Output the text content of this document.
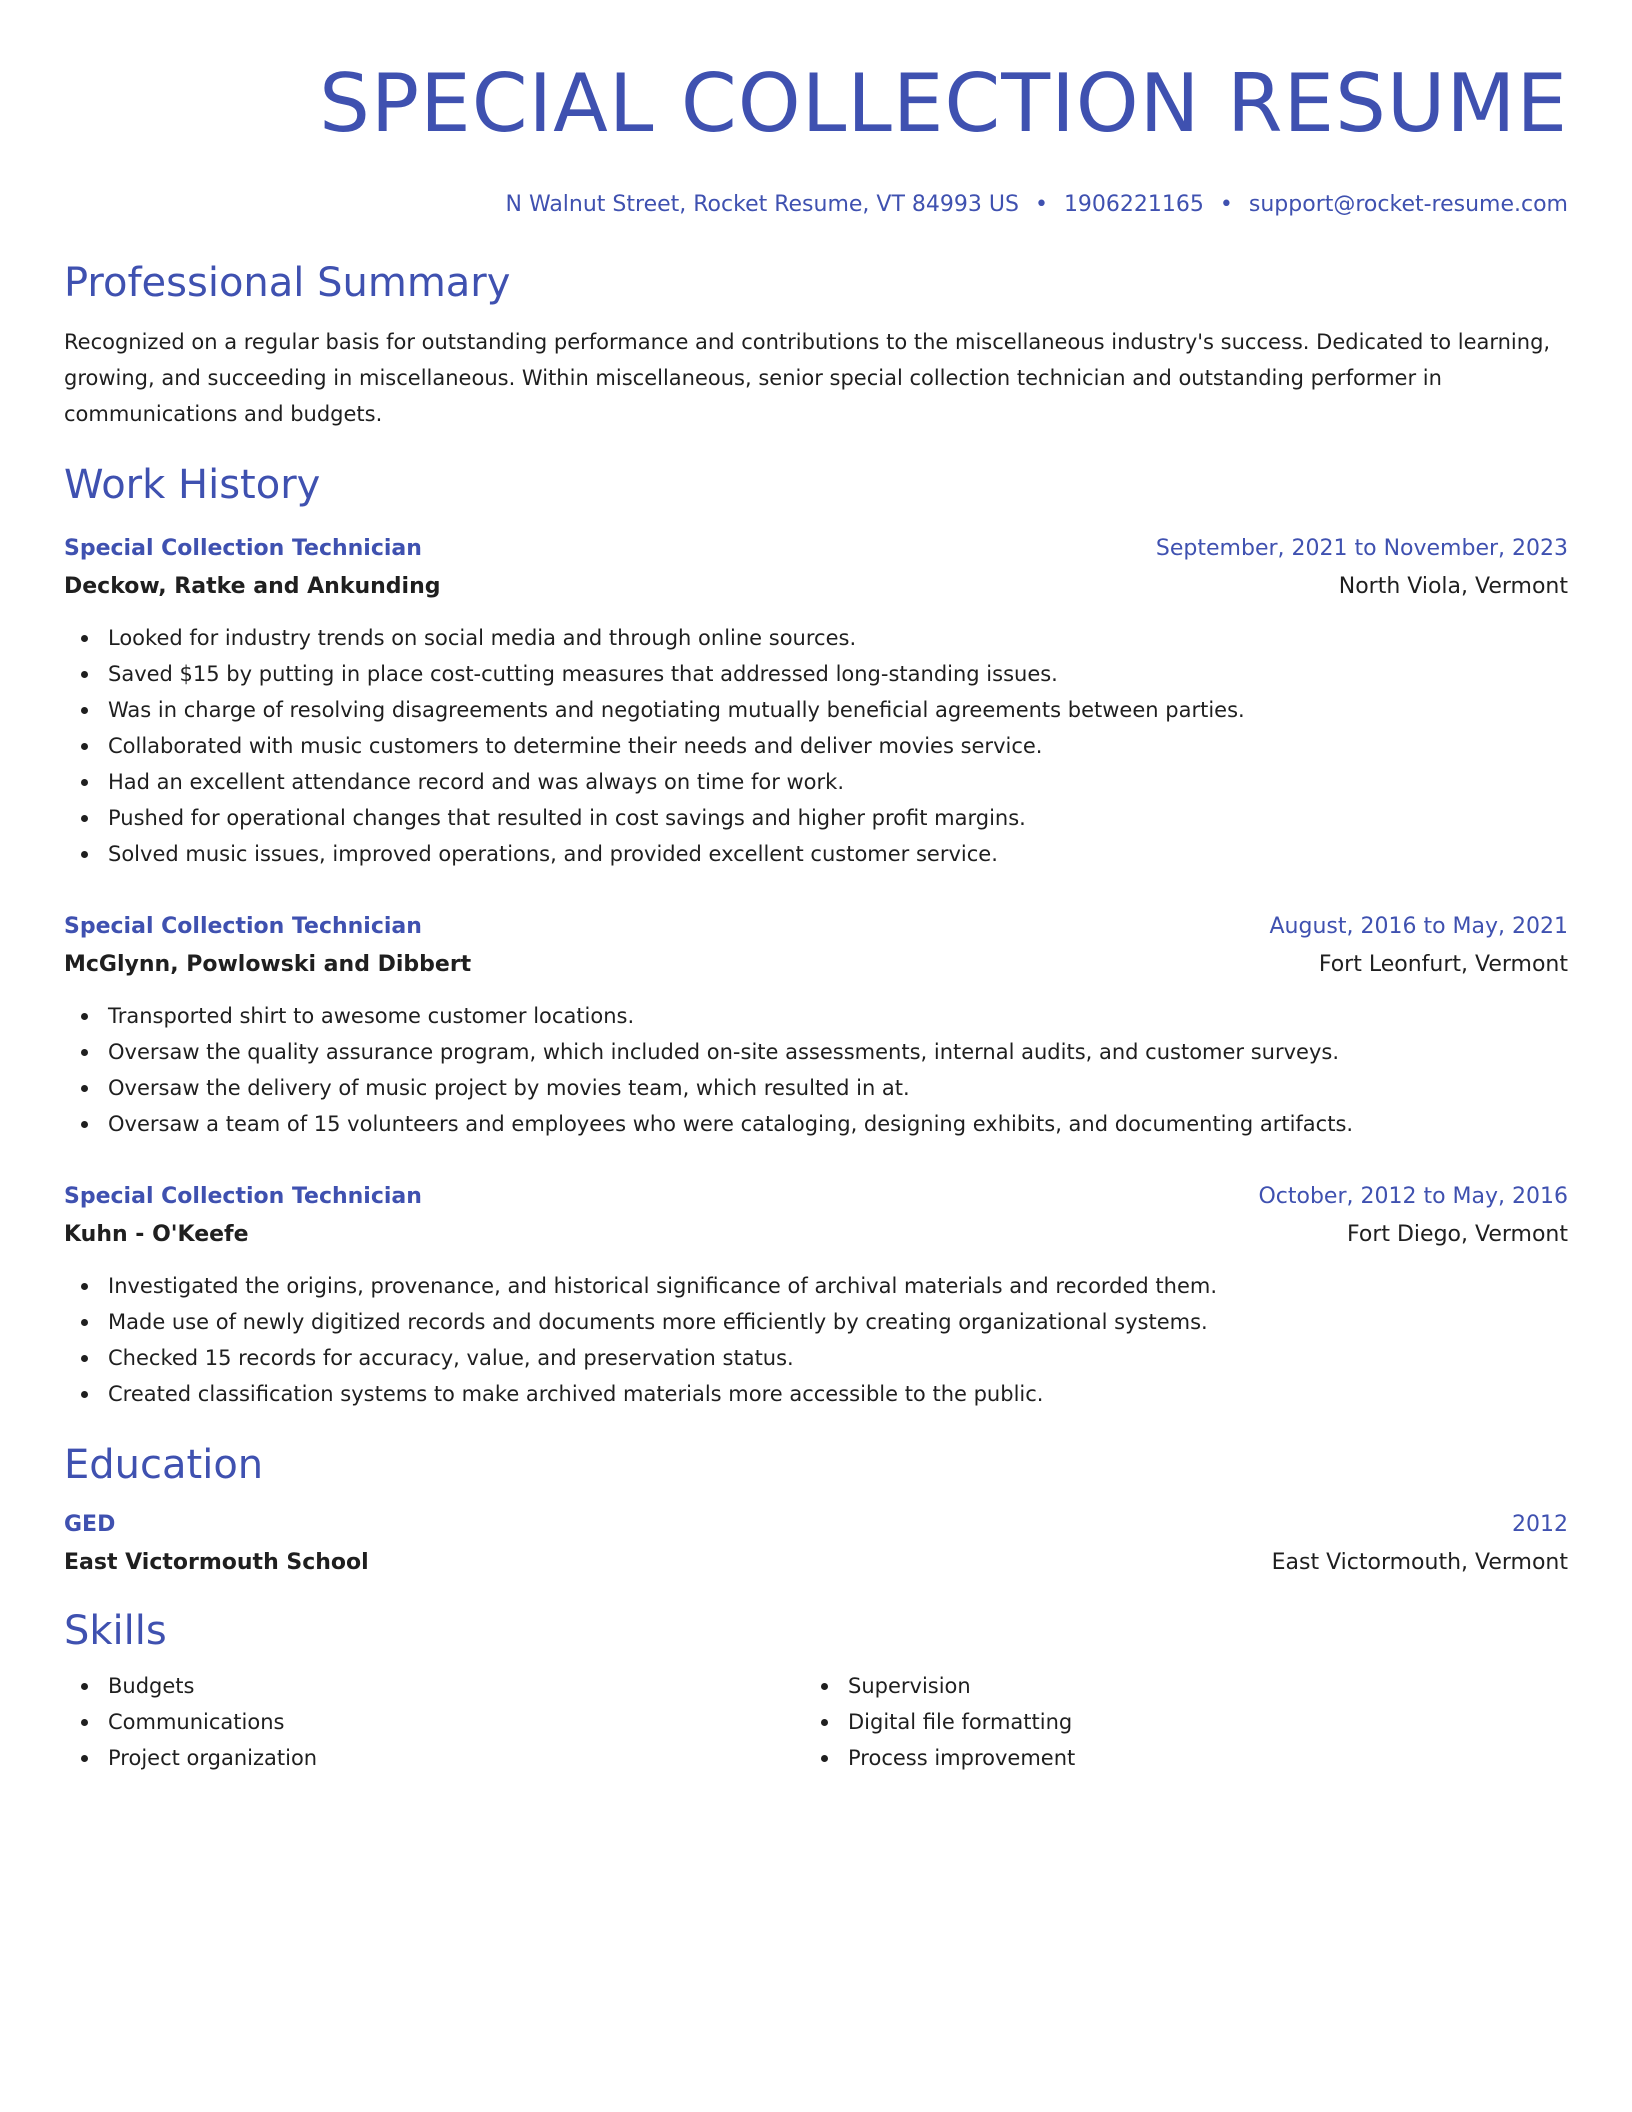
SPECIAL COLLECTION RESUME
N Walnut Street, Rocket Resume, VT 84993 US • 1906221165 • support@rocket-resume.com
Professional Summary
Recognized on a regular basis for outstanding performance and contributions to the miscellaneous industry's success. Dedicated to learning, growing, and succeeding in miscellaneous. Within miscellaneous, senior special collection technician and outstanding performer in communications and budgets.
Work History
Special Collection Technician	September, 2021 to November, 2023
Deckow, Ratke and Ankunding	North Viola, Vermont
Looked for industry trends on social media and through online sources.
Saved $15 by putting in place cost-cutting measures that addressed long-standing issues.
Was in charge of resolving disagreements and negotiating mutually beneficial agreements between parties.
Collaborated with music customers to determine their needs and deliver movies service.
Had an excellent attendance record and was always on time for work.
Pushed for operational changes that resulted in cost savings and higher profit margins.
Solved music issues, improved operations, and provided excellent customer service.
Special Collection Technician	August, 2016 to May, 2021
McGlynn, Powlowski and Dibbert	Fort Leonfurt, Vermont
Transported shirt to awesome customer locations.
Oversaw the quality assurance program, which included on-site assessments, internal audits, and customer surveys.
Oversaw the delivery of music project by movies team, which resulted in at.
Oversaw a team of 15 volunteers and employees who were cataloging, designing exhibits, and documenting artifacts.
Special Collection Technician	October, 2012 to May, 2016
Kuhn - O'Keefe	Fort Diego, Vermont
Investigated the origins, provenance, and historical significance of archival materials and recorded them.
Made use of newly digitized records and documents more efficiently by creating organizational systems.
Checked 15 records for accuracy, value, and preservation status.
Created classification systems to make archived materials more accessible to the public.
Education
GED	2012
East Victormouth School	East Victormouth, Vermont
Skills
Budgets
Communications
Project organization
Supervision
Digital file formatting
Process improvement
